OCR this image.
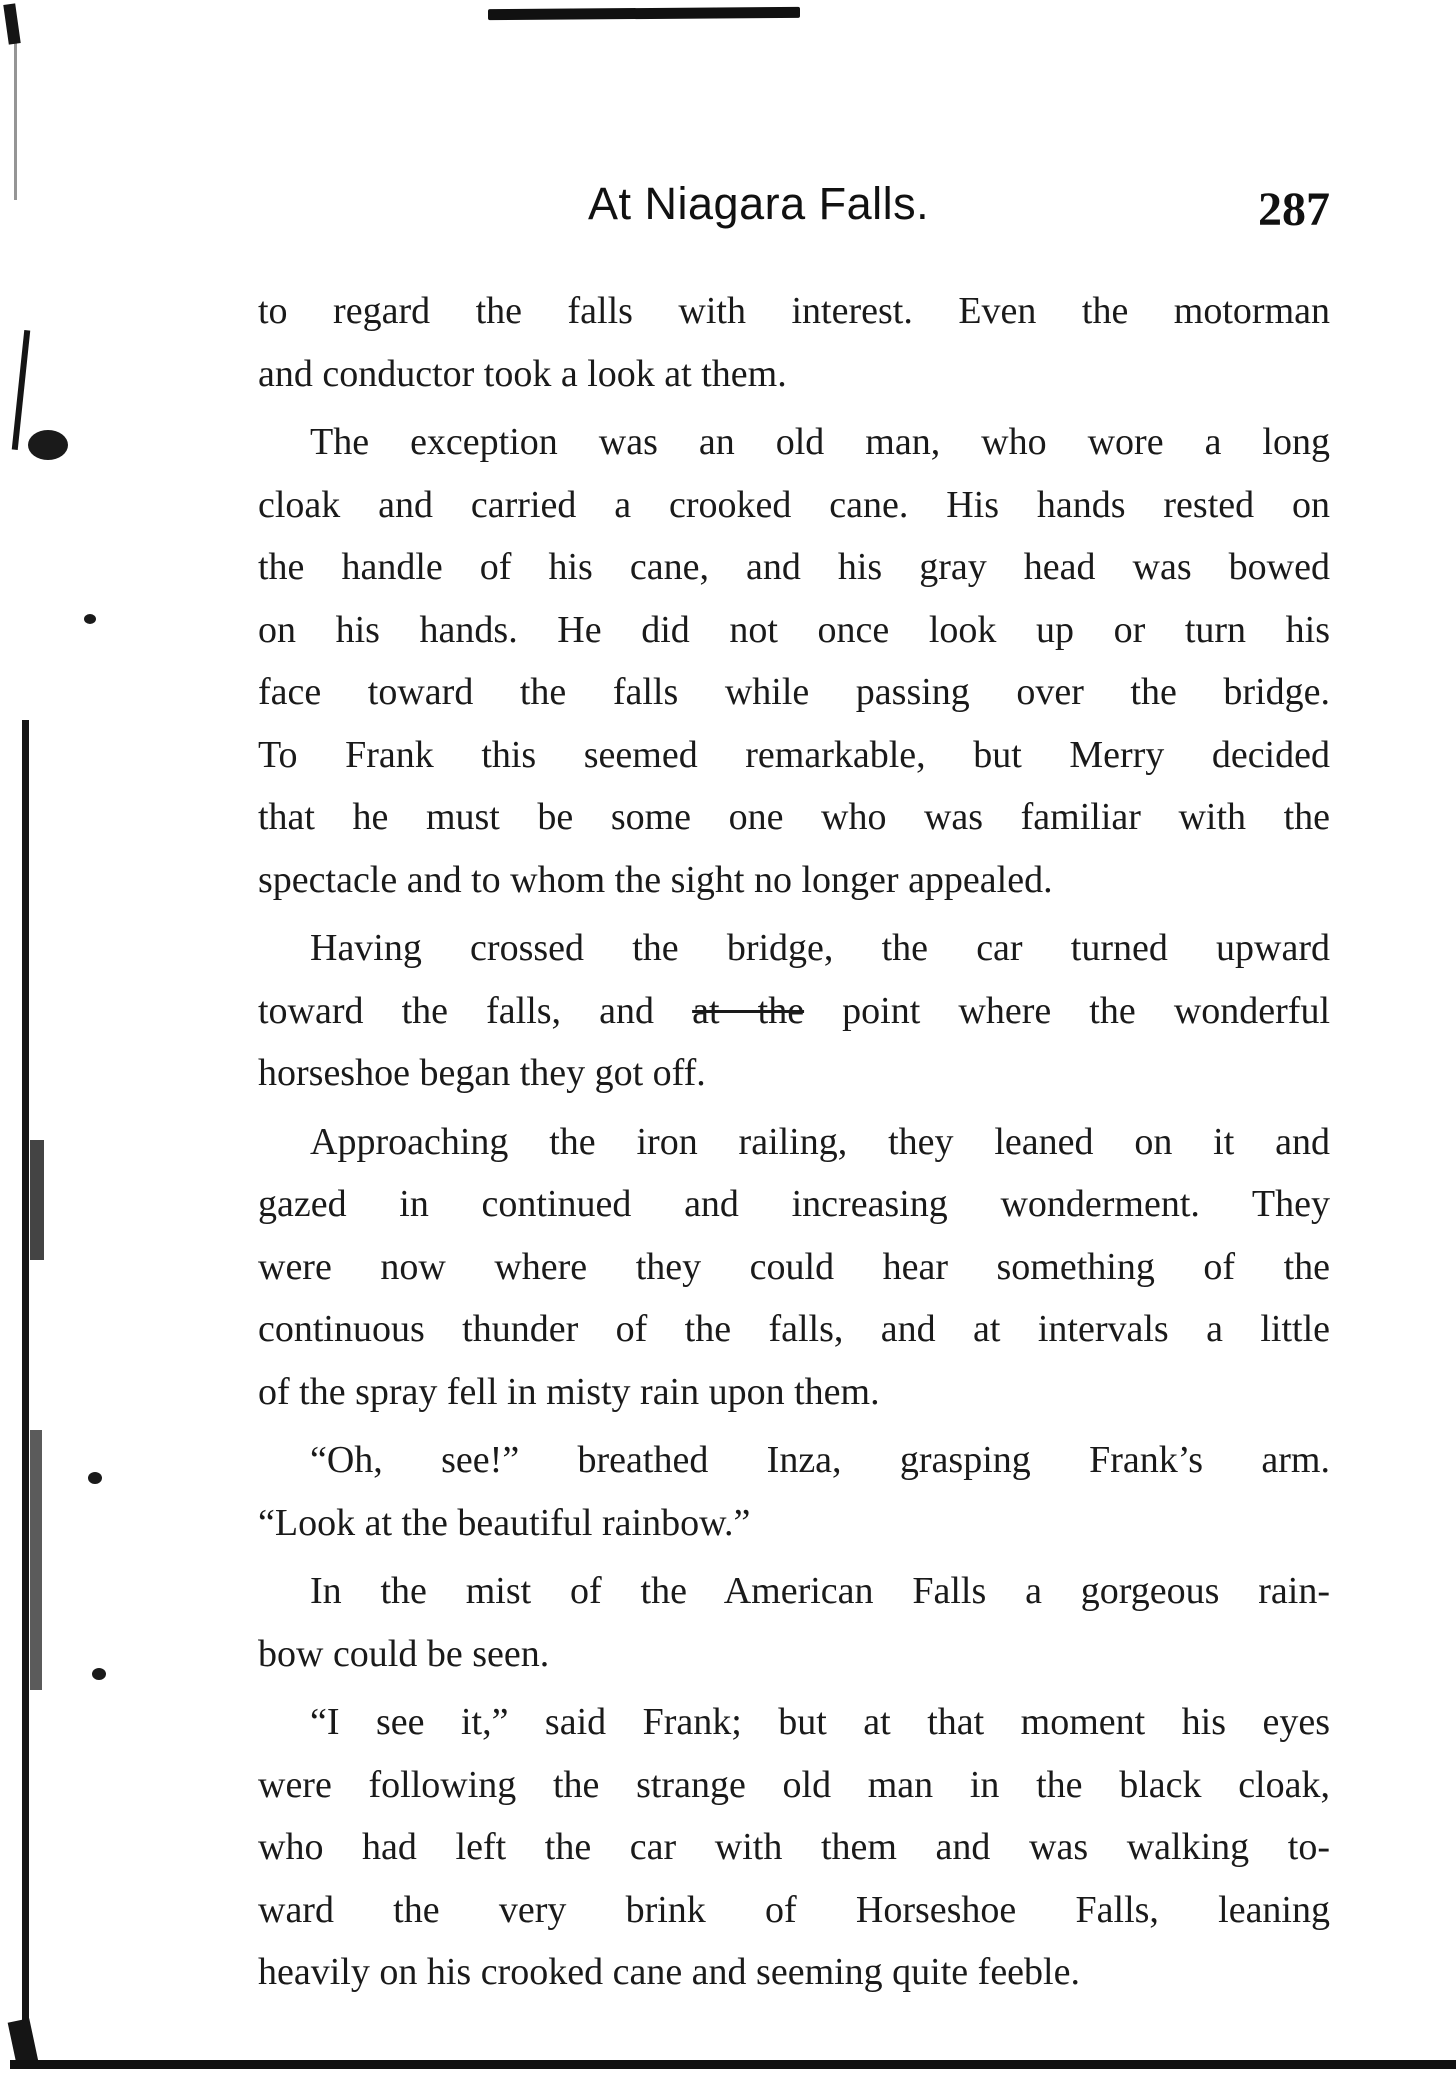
At Niagara Falls.	287
to regard the falls with interest. Even the motorman
and conductor took a look at them.
The exception was an old man, who wore a long
cloak and carried a crooked cane. His hands rested on
the handle of his cane, and his gray head was bowed
on his hands. He did not once look up or turn his
face toward the falls while passing over the bridge.
To Frank this seemed remarkable, but Merry decided
that he must be some one who was familiar with the
spectacle and to whom the sight no longer appealed.
Having crossed the bridge, the car turned upward
toward the falls, and at the point where the wonderful
horseshoe began they got off.
Approaching the iron railing, they leaned on it and
gazed in continued and increasing wonderment. They
were now where they could hear something of the
continuous thunder of the falls, and at intervals a little
of the spray fell in misty rain upon them.
“Oh, see!” breathed Inza, grasping Frank’s arm.
“Look at the beautiful rainbow.”
In the mist of the American Falls a gorgeous rain-
bow could be seen.
“I see it,” said Frank; but at that moment his eyes
were following the strange old man in the black cloak,
who had left the car with them and was walking to-
ward the very brink of Horseshoe Falls, leaning
heavily on his crooked cane and seeming quite feeble.
